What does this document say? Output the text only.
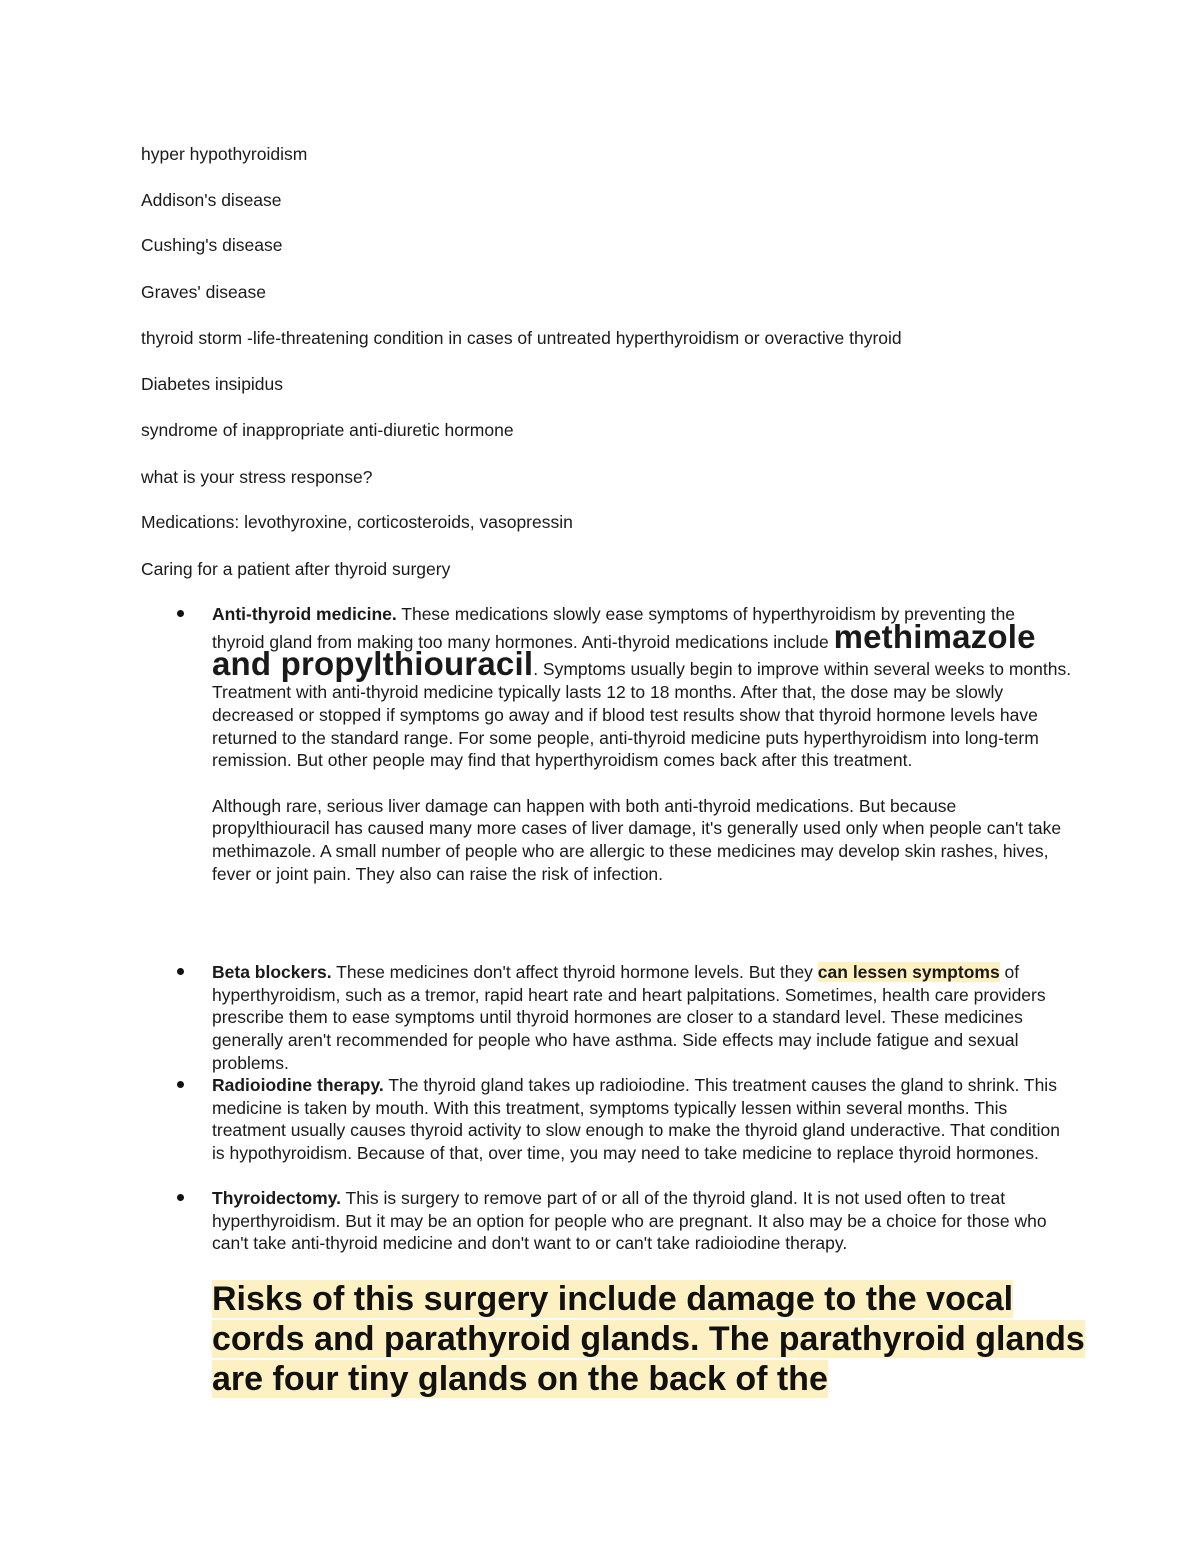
hyper hypothyroidism

Addison's disease

Cushing's disease

Graves' disease

thyroid storm -life-threatening condition in cases of untreated hyperthyroidism or overactive thyroid

Diabetes insipidus

syndrome of inappropriate anti-diuretic hormone

what is your stress response?

Medications: levothyroxine, corticosteroids, vasopressin

Caring for a patient after thyroid surgery

Anti-thyroid medicine. These medications slowly ease symptoms of hyperthyroidism by preventing the thyroid gland from making too many hormones. Anti-thyroid medications include methimazole and propylthiouracil. Symptoms usually begin to improve within several weeks to months.
Treatment with anti-thyroid medicine typically lasts 12 to 18 months. After that, the dose may be slowly decreased or stopped if symptoms go away and if blood test results show that thyroid hormone levels have returned to the standard range. For some people, anti-thyroid medicine puts hyperthyroidism into long-term remission. But other people may find that hyperthyroidism comes back after this treatment.
Although rare, serious liver damage can happen with both anti-thyroid medications. But because propylthiouracil has caused many more cases of liver damage, it's generally used only when people can't take methimazole. A small number of people who are allergic to these medicines may develop skin rashes, hives, fever or joint pain. They also can raise the risk of infection.
Beta blockers. These medicines don't affect thyroid hormone levels. But they can lessen symptoms of hyperthyroidism, such as a tremor, rapid heart rate and heart palpitations. Sometimes, health care providers prescribe them to ease symptoms until thyroid hormones are closer to a standard level. These medicines generally aren't recommended for people who have asthma. Side effects may include fatigue and sexual problems.
Radioiodine therapy. The thyroid gland takes up radioiodine. This treatment causes the gland to shrink. This medicine is taken by mouth. With this treatment, symptoms typically lessen within several months. This treatment usually causes thyroid activity to slow enough to make the thyroid gland underactive. That condition is hypothyroidism. Because of that, over time, you may need to take medicine to replace thyroid hormones.
Thyroidectomy. This is surgery to remove part of or all of the thyroid gland. It is not used often to treat hyperthyroidism. But it may be an option for people who are pregnant. It also may be a choice for those who can't take anti-thyroid medicine and don't want to or can't take radioiodine therapy.
Risks of this surgery include damage to the vocal cords and parathyroid glands. The parathyroid glands are four tiny glands on the back of the
